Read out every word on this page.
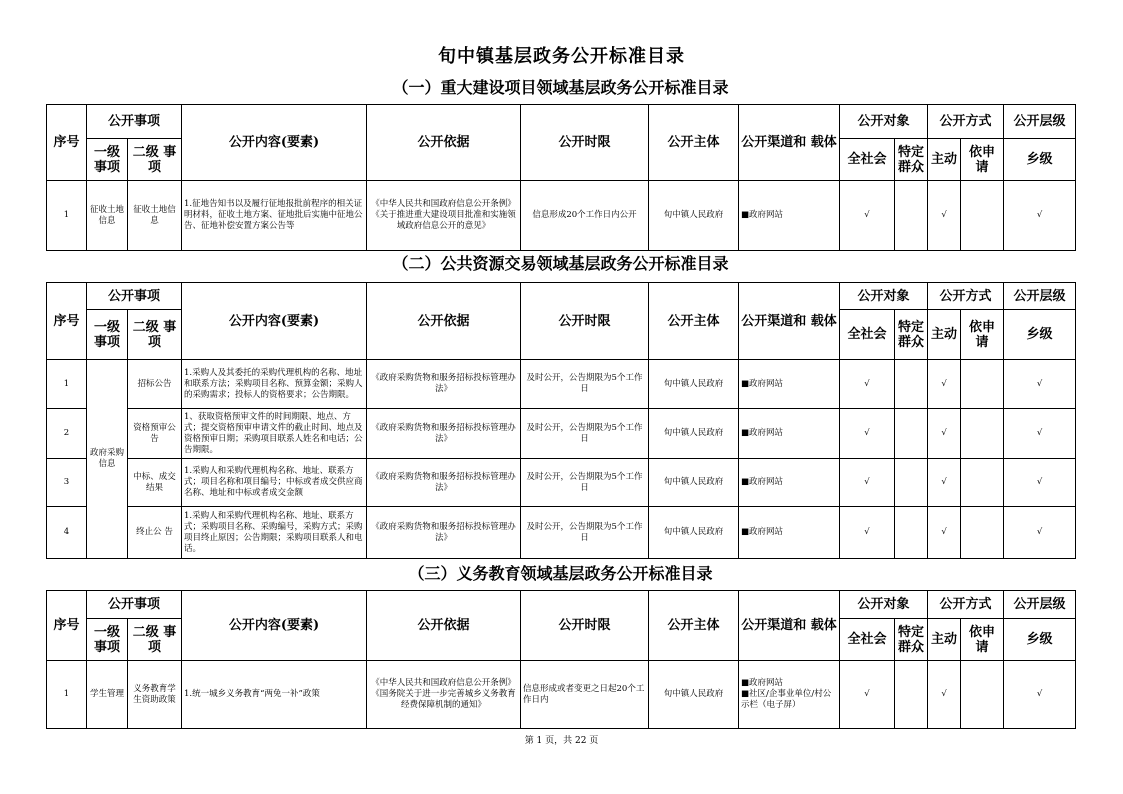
旬中镇基层政务公开标准目录
（一）重大建设项目领域基层政务公开标准目录
序号	公开事项		公开内容(要素)	公开依据	公开时限	公开主体	公开渠道和 载体	公开对象		公开方式		公开层级
	一级事项	二级 事项						全社会	特定群众	主动	依申请	乡级
1	征收土地信息	征收土地信息	1.征地告知书以及履行征地报批前程序的相关证明材料，征收土地方案、征地批后实施中征地公告、征地补偿安置方案公告等	《中华人民共和国政府信息公开条例》《关于推进重大建设项目批准和实施领域政府信息公开的意见》	信息形成20个工作日内公开	旬中镇人民政府	■政府网站	√		√		√
（二）公共资源交易领域基层政务公开标准目录
序号	公开事项		公开内容(要素)	公开依据	公开时限	公开主体	公开渠道和 载体	公开对象		公开方式		公开层级
	一级事项	二级 事项						全社会	特定群众	主动	依申请	乡级
1	政府采购信息	招标公告	1.采购人及其委托的采购代理机构的名称、地址和联系方法；采购项目名称、预算金额；采购人的采购需求；投标人的资格要求；公告期限。	《政府采购货物和服务招标投标管理办法》	及时公开，公告期限为5个工作日	旬中镇人民政府	■政府网站	√		√		√
2		资格预审公告	1、获取资格预审文件的时间期限、地点、方式；提交资格预审申请文件的截止时间、地点及资格预审日期；采购项目联系人姓名和电话；公告期限。	《政府采购货物和服务招标投标管理办法》	及时公开，公告期限为5个工作日	旬中镇人民政府	■政府网站	√		√		√
3		中标、成交结果	1.采购人和采购代理机构名称、地址、联系方式；项目名称和项目编号；中标或者成交供应商名称、地址和中标或者成交金额	《政府采购货物和服务招标投标管理办法》	及时公开，公告期限为5个工作日	旬中镇人民政府	■政府网站	√		√		√
4		终止公 告	1.采购人和采购代理机构名称、地址、联系方式；采购项目名称、采购编号，采购方式；采购项目终止原因；公告期限；采购项目联系人和电话。	《政府采购货物和服务招标投标管理办法》	及时公开，公告期限为5个工作日	旬中镇人民政府	■政府网站	√		√		√
（三）义务教育领域基层政务公开标准目录
序号	公开事项		公开内容(要素)	公开依据	公开时限	公开主体	公开渠道和 载体	公开对象		公开方式		公开层级
	一级事项	二级 事项						全社会	特定群众	主动	依申请	乡级
1	学生管理	义务教育学生资助政策	1.统一城乡义务教育“两免一补”政策	《中华人民共和国政府信息公开条例》《国务院关于进一步完善城乡义务教育经费保障机制的通知》	信息形成或者变更之日起20个工作日内	旬中镇人民政府	■政府网站
■社区/企事业单位/村公示栏（电子屏）	√		√		√
第 1 页，共 22 页
